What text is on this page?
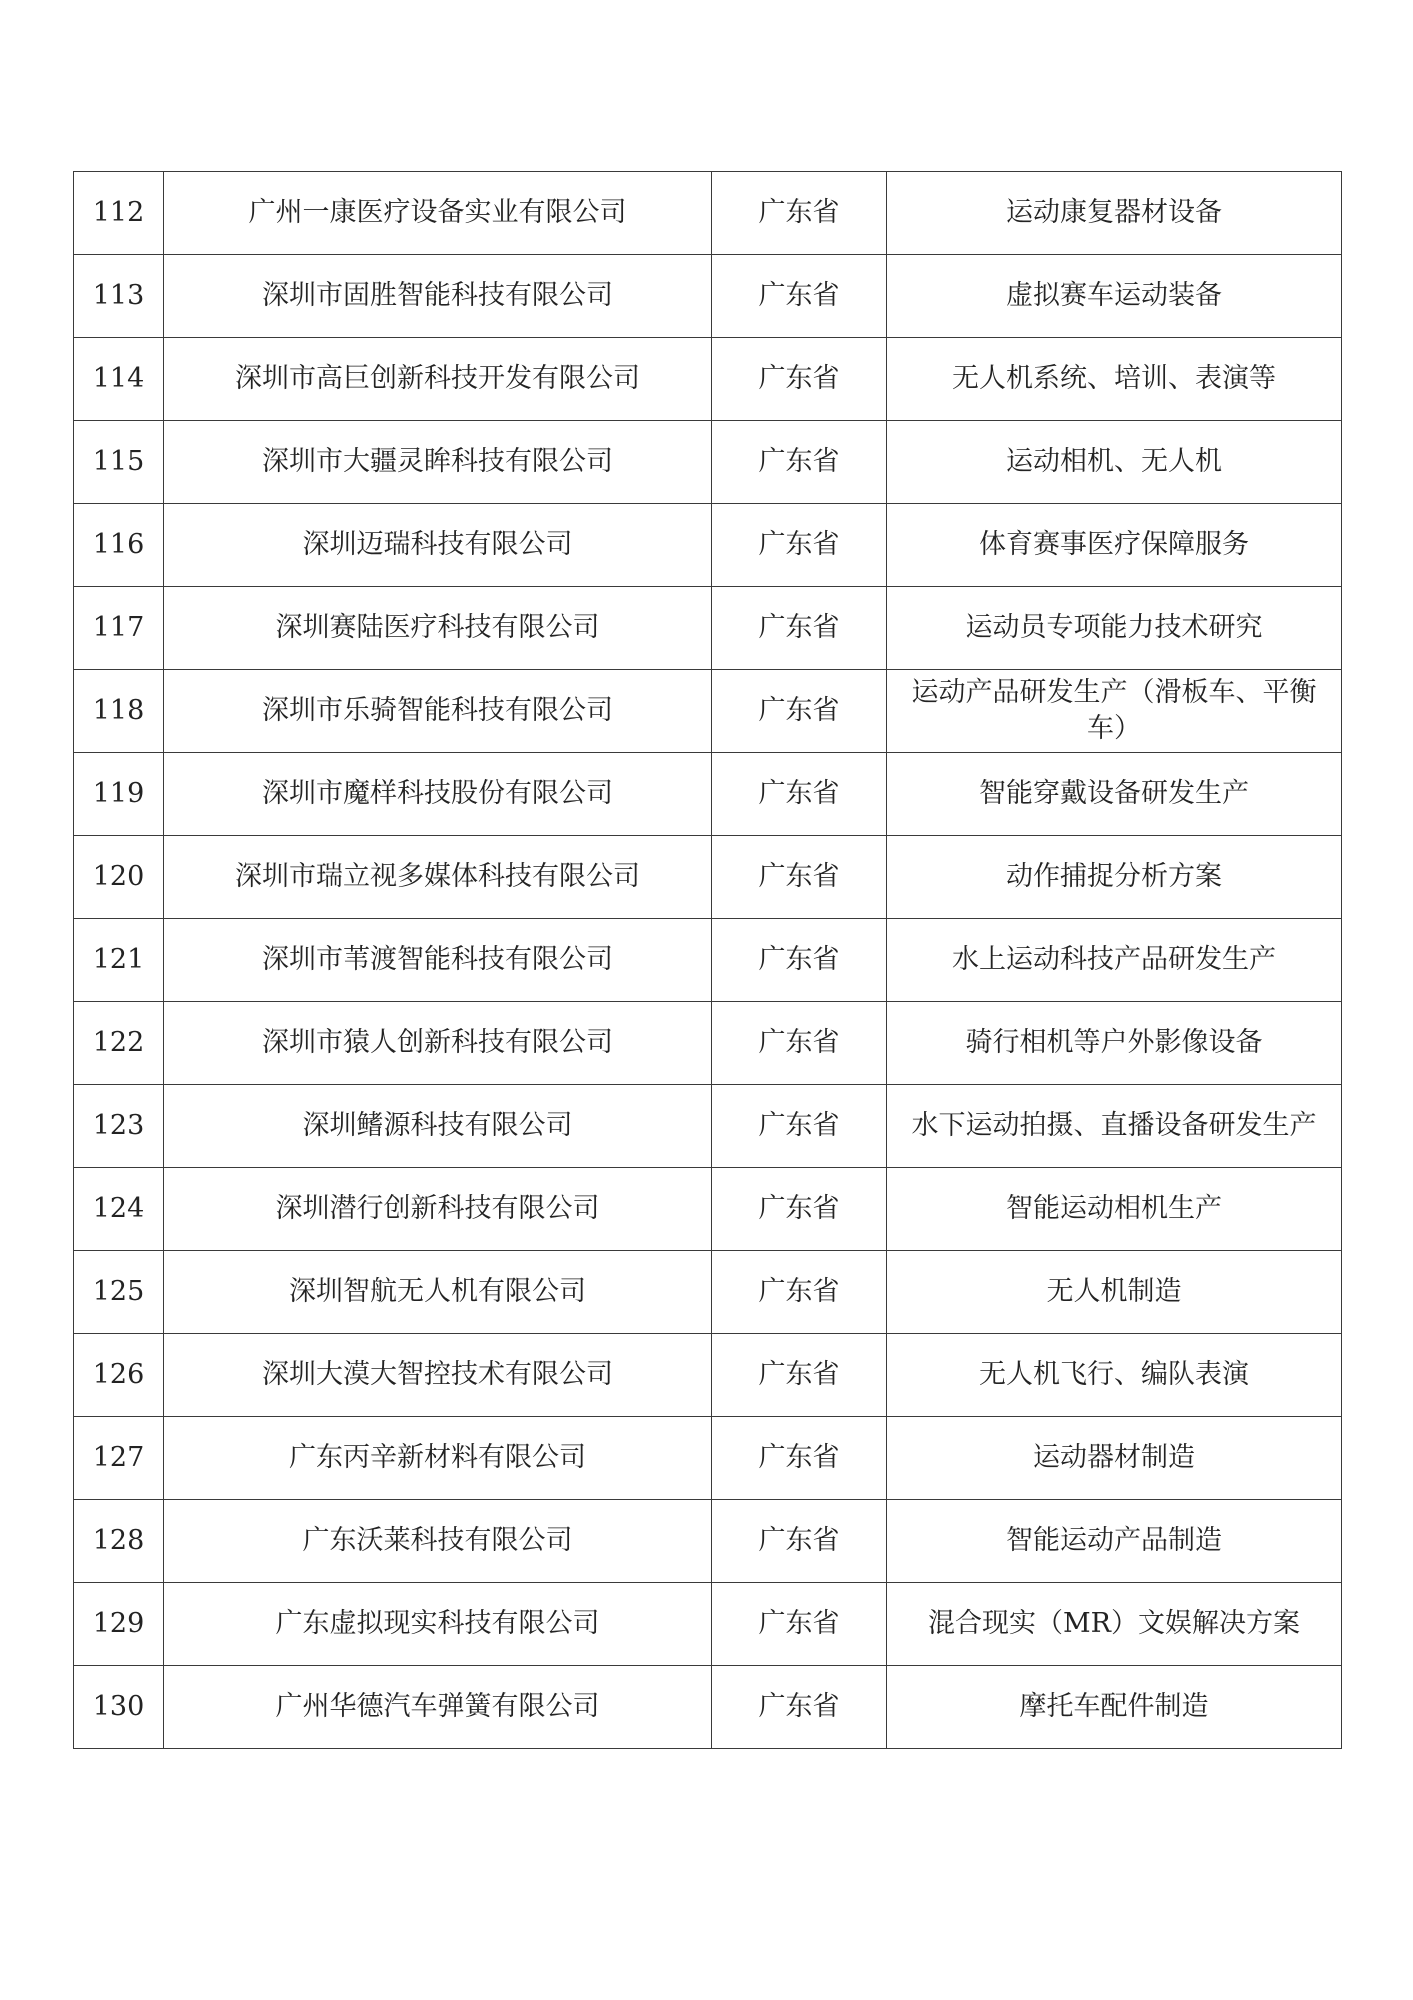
112	广州一康医疗设备实业有限公司	广东省	运动康复器材设备
113	深圳市固胜智能科技有限公司	广东省	虚拟赛车运动装备
114	深圳市高巨创新科技开发有限公司	广东省	无人机系统、培训、表演等
115	深圳市大疆灵眸科技有限公司	广东省	运动相机、无人机
116	深圳迈瑞科技有限公司	广东省	体育赛事医疗保障服务
117	深圳赛陆医疗科技有限公司	广东省	运动员专项能力技术研究
118	深圳市乐骑智能科技有限公司	广东省	运动产品研发生产（滑板车、平衡车）
119	深圳市魔样科技股份有限公司	广东省	智能穿戴设备研发生产
120	深圳市瑞立视多媒体科技有限公司	广东省	动作捕捉分析方案
121	深圳市苇渡智能科技有限公司	广东省	水上运动科技产品研发生产
122	深圳市猿人创新科技有限公司	广东省	骑行相机等户外影像设备
123	深圳鳍源科技有限公司	广东省	水下运动拍摄、直播设备研发生产
124	深圳潜行创新科技有限公司	广东省	智能运动相机生产
125	深圳智航无人机有限公司	广东省	无人机制造
126	深圳大漠大智控技术有限公司	广东省	无人机飞行、编队表演
127	广东丙辛新材料有限公司	广东省	运动器材制造
128	广东沃莱科技有限公司	广东省	智能运动产品制造
129	广东虚拟现实科技有限公司	广东省	混合现实（MR）文娱解决方案
130	广州华德汽车弹簧有限公司	广东省	摩托车配件制造
